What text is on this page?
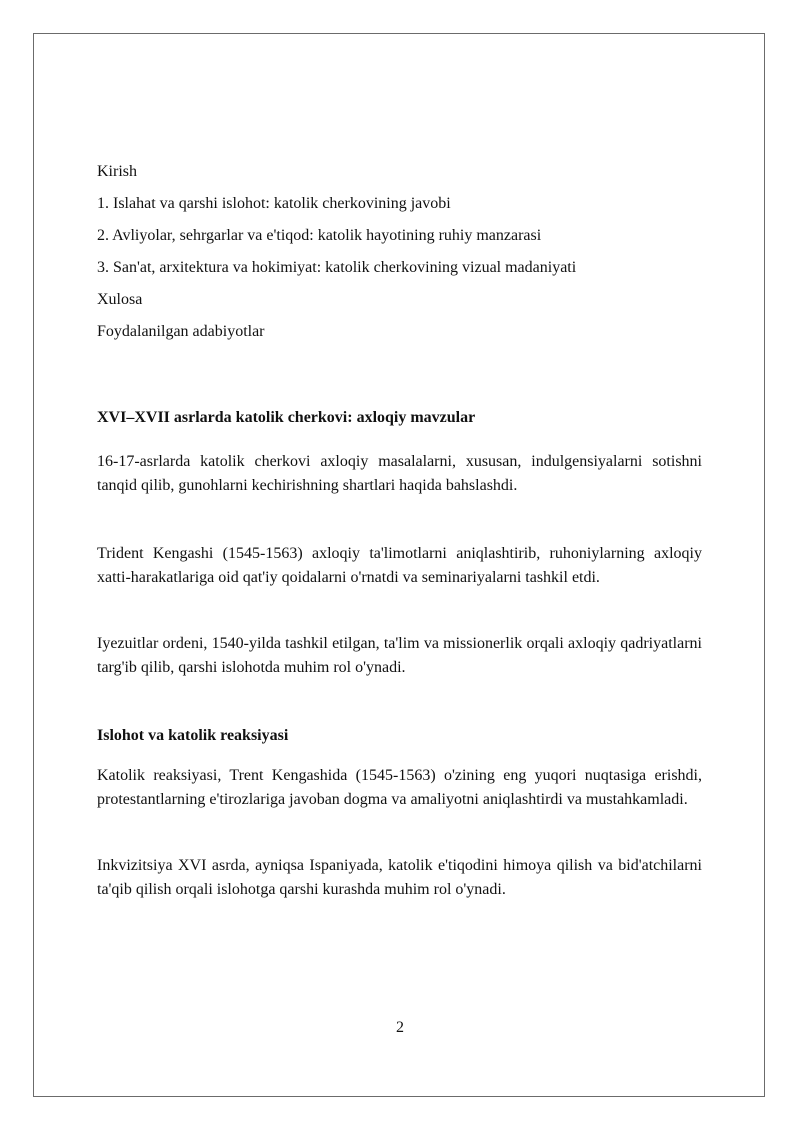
Kirish
1. Islahat va qarshi islohot: katolik cherkovining javobi
2. Avliyolar, sehrgarlar va e'tiqod: katolik hayotining ruhiy manzarasi
3. San'at, arxitektura va hokimiyat: katolik cherkovining vizual madaniyati
Xulosa
Foydalanilgan adabiyotlar
XVI–XVII asrlarda katolik cherkovi: axloqiy mavzular
16-17-asrlarda katolik cherkovi axloqiy masalalarni, xususan, indulgensiyalarni sotishni tanqid qilib, gunohlarni kechirishning shartlari haqida bahslashdi.
Trident Kengashi (1545-1563) axloqiy ta'limotlarni aniqlashtirib, ruhoniylarning axloqiy xatti-harakatlariga oid qat'iy qoidalarni o'rnatdi va seminariyalarni tashkil etdi.
Iyezuitlar ordeni, 1540-yilda tashkil etilgan, ta'lim va missionerlik orqali axloqiy qadriyatlarni targ'ib qilib, qarshi islohotda muhim rol o'ynadi.
Islohot va katolik reaksiyasi
Katolik reaksiyasi, Trent Kengashida (1545-1563) o'zining eng yuqori nuqtasiga erishdi, protestantlarning e'tirozlariga javoban dogma va amaliyotni aniqlashtirdi va mustahkamladi.
Inkvizitsiya XVI asrda, ayniqsa Ispaniyada, katolik e'tiqodini himoya qilish va bid'atchilarni ta'qib qilish orqali islohotga qarshi kurashda muhim rol o'ynadi.
2
